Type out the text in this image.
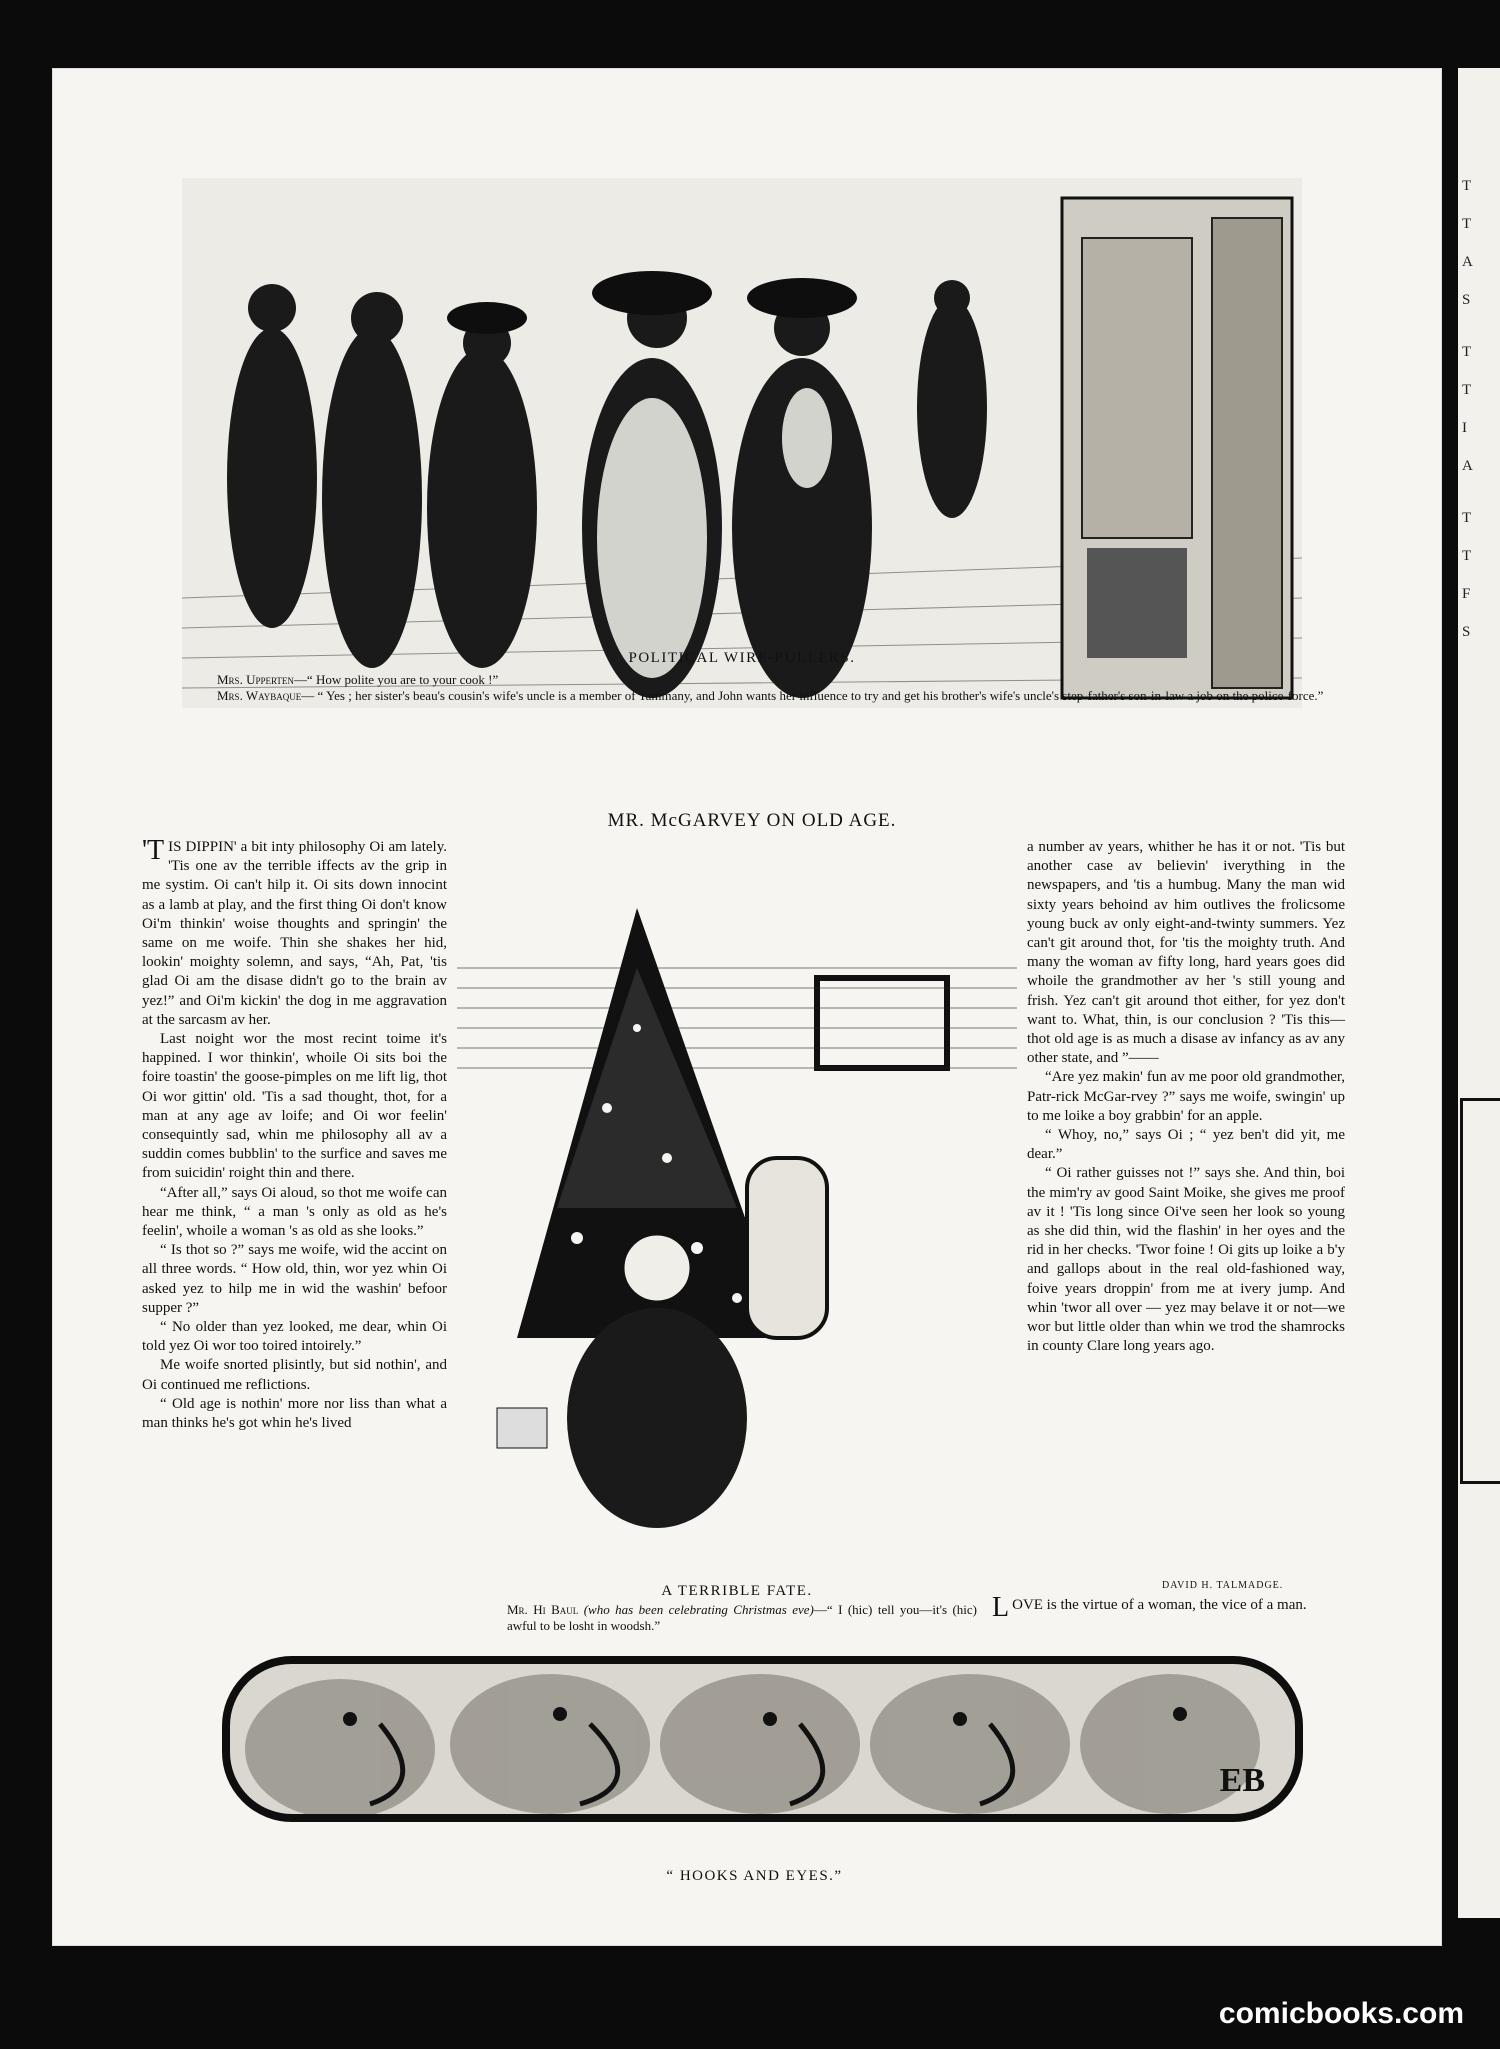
POLITICAL WIRE-PULLERS.
Mrs. Upperten—“ How polite you are to your cook !”
Mrs. Waybaque— “ Yes ; her sister's beau's cousin's wife's uncle is a member of Tammany, and John wants her influence to try and get his brother's wife's uncle's step-father's son-in-law a job on the police-force.”
MR. McGARVEY ON OLD AGE.

'TIS DIPPIN' a bit inty philosophy Oi am lately. 'Tis one av the terrible iffects av the grip in me systim. Oi can't hilp it. Oi sits down innocint as a lamb at play, and the first thing Oi don't know Oi'm thinkin' woise thoughts and springin' the same on me woife. Thin she shakes her hid, lookin' moighty solemn, and says, “Ah, Pat, 'tis glad Oi am the disase didn't go to the brain av yez!” and Oi'm kickin' the dog in me aggravation at the sarcasm av her.

Last noight wor the most recint toime it's happined. I wor thinkin', whoile Oi sits boi the foire toastin' the goose-pimples on me lift lig, thot Oi wor gittin' old. 'Tis a sad thought, thot, for a man at any age av loife; and Oi wor feelin' consequintly sad, whin me philosophy all av a suddin comes bubblin' to the surfice and saves me from suicidin' roight thin and there.

“After all,” says Oi aloud, so thot me woife can hear me think, “ a man 's only as old as he's feelin', whoile a woman 's as old as she looks.”

“ Is thot so ?” says me woife, wid the accint on all three words. “ How old, thin, wor yez whin Oi asked yez to hilp me in wid the washin' befoor supper ?”

“ No older than yez looked, me dear, whin Oi told yez Oi wor too toired intoirely.”

Me woife snorted plisintly, but sid nothin', and Oi continued me reflictions.

“ Old age is nothin' more nor liss than what a man thinks he's got whin he's lived

A TERRIBLE FATE.
Mr. Hi Baul (who has been celebrating Christmas eve)—“ I (hic) tell you—it's (hic) awful to be losht in woodsh.”

a number av years, whither he has it or not. 'Tis but another case av believin' iverything in the newspapers, and 'tis a humbug. Many the man wid sixty years behoind av him outlives the frolicsome young buck av only eight-and-twinty summers. Yez can't git around thot, for 'tis the moighty truth. And many the woman av fifty long, hard years goes did whoile the grandmother av her 's still young and frish. Yez can't git around thot either, for yez don't want to. What, thin, is our conclusion ? 'Tis this—thot old age is as much a disase av infancy as av any other state, and ”——

“Are yez makin' fun av me poor old grandmother, Patr-rick McGar-rvey ?” says me woife, swingin' up to me loike a boy grabbin' for an apple.

“ Whoy, no,” says Oi ; “ yez ben't did yit, me dear.”

“ Oi rather guisses not !” says she. And thin, boi the mim'ry av good Saint Moike, she gives me proof av it ! 'Tis long since Oi've seen her look so young as she did thin, wid the flashin' in her oyes and the rid in her checks. 'Twor foine ! Oi gits up loike a b'y and gallops about in the real old-fashioned way, foive years droppin' from me at ivery jump. And whin 'twor all over — yez may belave it or not—we wor but little older than whin we trod the shamrocks in county Clare long years ago.

DAVID H. TALMADGE.
LOVE is the virtue of a woman, the vice of a man.
EB
“ HOOKS AND EYES.”
T
T
A
S
T
T
I
A
T
T
F
S
comicbooks.com
